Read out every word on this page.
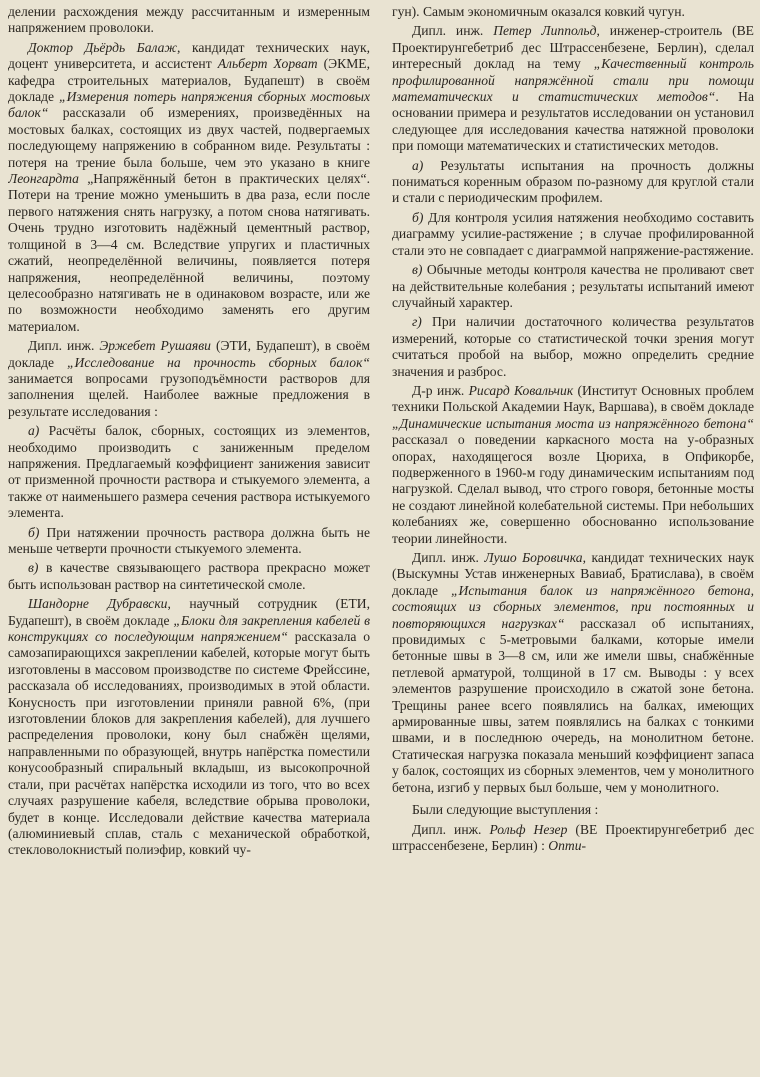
делении расхождения между рассчитанным и измеренным напряжением проволоки.

Доктор Дьёрдь Балаж, кандидат технических наук, доцент университета, и ассистент Альберт Хорват (ЭКМЕ, кафедра строительных материалов, Будапешт) в своём докладе „Измерения потерь напряжения сборных мостовых балок“ рассказали об измерениях, произведённых на мостовых балках, состоящих из двух частей, подвергаемых последующему напряжению в собранном виде. Результаты : потеря на трение была больше, чем это указано в книге Леонгардта „Напряжённый бетон в практических целях“. Потери на трение можно уменьшить в два раза, если после первого натяжения снять нагрузку, а потом снова натягивать. Очень трудно изготовить надёжный цементный раствор, толщиной в 3—4 см. Вследствие упругих и пластичных сжатий, неопределённой величины, появляется потеря напряжения, неопределённой величины, поэтому целесообразно натягивать не в одинаковом возрасте, или же по возможности необходимо заменять его другим материалом.

Дипл. инж. Эржебет Рушаяви (ЭТИ, Будапешт), в своём докладе „Исследование на прочность сборных балок“ занимается вопросами грузоподъёмности растворов для заполнения щелей. Наиболее важные предложения в результате исследования :

а) Расчёты балок, сборных, состоящих из элементов, необходимо производить с заниженным пределом напряжения. Предлагаемый коэффициент занижения зависит от призменной прочности раствора и стыкуемого элемента, а также от наименьшего размера сечения раствора истыкуемого элемента.

б) При натяжении прочность раствора должна быть не меньше четверти прочности стыкуемого элемента.

в) в качестве связывающего раствора прекрасно может быть использован раствор на синтетической смоле.

Шандорне Дубравски, научный сотрудник (ЕТИ, Будапешт), в своём докладе „Блоки для закрепления кабелей в конструкциях со последующим напряжением“ рассказала о самозапирающихся закреплении кабелей, которые могут быть изготовлены в массовом производстве по системе Фрейссине, рассказала об исследованиях, производимых в этой области. Конусность при изготовлении приняли равной 6%, (при изготовлении блоков для закрепления кабелей), для лучшего распределения проволоки, кону был снабжён щелями, направленными по образующей, внутрь напёрстка поместили конусообразный спиральный вкладыш, из высокопрочной стали, при расчётах напёрстка исходили из того, что во всех случаях разрушение кабеля, вследствие обрыва проволоки, будет в конце. Исследовали действие качества материала (алюминиевый сплав, сталь с механической обработкой, стекловолокнистый полиэфир, ковкий чу-

гун). Самым экономичным оказался ковкий чугун.

Дипл. инж. Петер Липпольд, инженер-строитель (ВЕ Проектирунгебетриб дес Штрассенбезене, Берлин), сделал интересный доклад на тему „Качественный контроль профилированной напряжённой стали при помощи математических и статистических методов“. На основании примера и результатов исследовании он установил следующее для исследования качества натяжной проволоки при помощи математических и статистических методов.

а) Результаты испытания на прочность должны пониматься коренным образом по-разному для круглой стали и стали с периодическим профилем.

б) Для контроля усилия натяжения необходимо составить диаграмму усилие-растяжение ; в случае профилированной стали это не совпадает с диаграммой напряжение-растяжение.

в) Обычные методы контроля качества не проливают свет на действительные колебания ; результаты испытаний имеют случайный характер.

г) При наличии достаточного количества результатов измерений, которые со статистической точки зрения могут считаться пробой на выбор, можно определить средние значения и разброс.

Д-р инж. Рисард Ковальчик (Институт Основных проблем техники Польской Академии Наук, Варшава), в своём докладе „Динамические испытания моста из напряжённого бетона“ рассказал о поведении каркасного моста на у-образных опорах, находящегося возле Цюриха, в Опфикорбе, подверженного в 1960-м году динамическим испытаниям под нагрузкой. Сделал вывод, что строго говоря, бетонные мосты не создают линейной колебательной системы. При небольших колебаниях же, совершенно обоснованно использование теории линейности.

Дипл. инж. Лушо Боровичка, кандидат технических наук (Выскумны Устав инженерных Вавиаб, Братислава), в своём докладе „Испытания балок из напряжённого бетона, состоящих из сборных элементов, при постоянных и повторяющихся нагрузках“ рассказал об испытаниях, провидимых с 5-метровыми балками, которые имели бетонные швы в 3—8 см, или же имели швы, снабжённые петлевой арматурой, толщиной в 17 см. Выводы : у всех элементов разрушение происходило в сжатой зоне бетона. Трещины ранее всего появлялись на балках, имеющих армированные швы, затем появлялись на балках с тонкими швами, и в последнюю очередь, на монолитном бетоне. Статическая нагрузка показала меньший коэффициент запаса у балок, состоящих из сборных элементов, чем у монолитного бетона, изгиб у первых был больше, чем у монолитного.

Были следующие выступления :

Дипл. инж. Рольф Незер (ВЕ Проектирунгебетриб дес штрассенбезене, Берлин) : Опти-
